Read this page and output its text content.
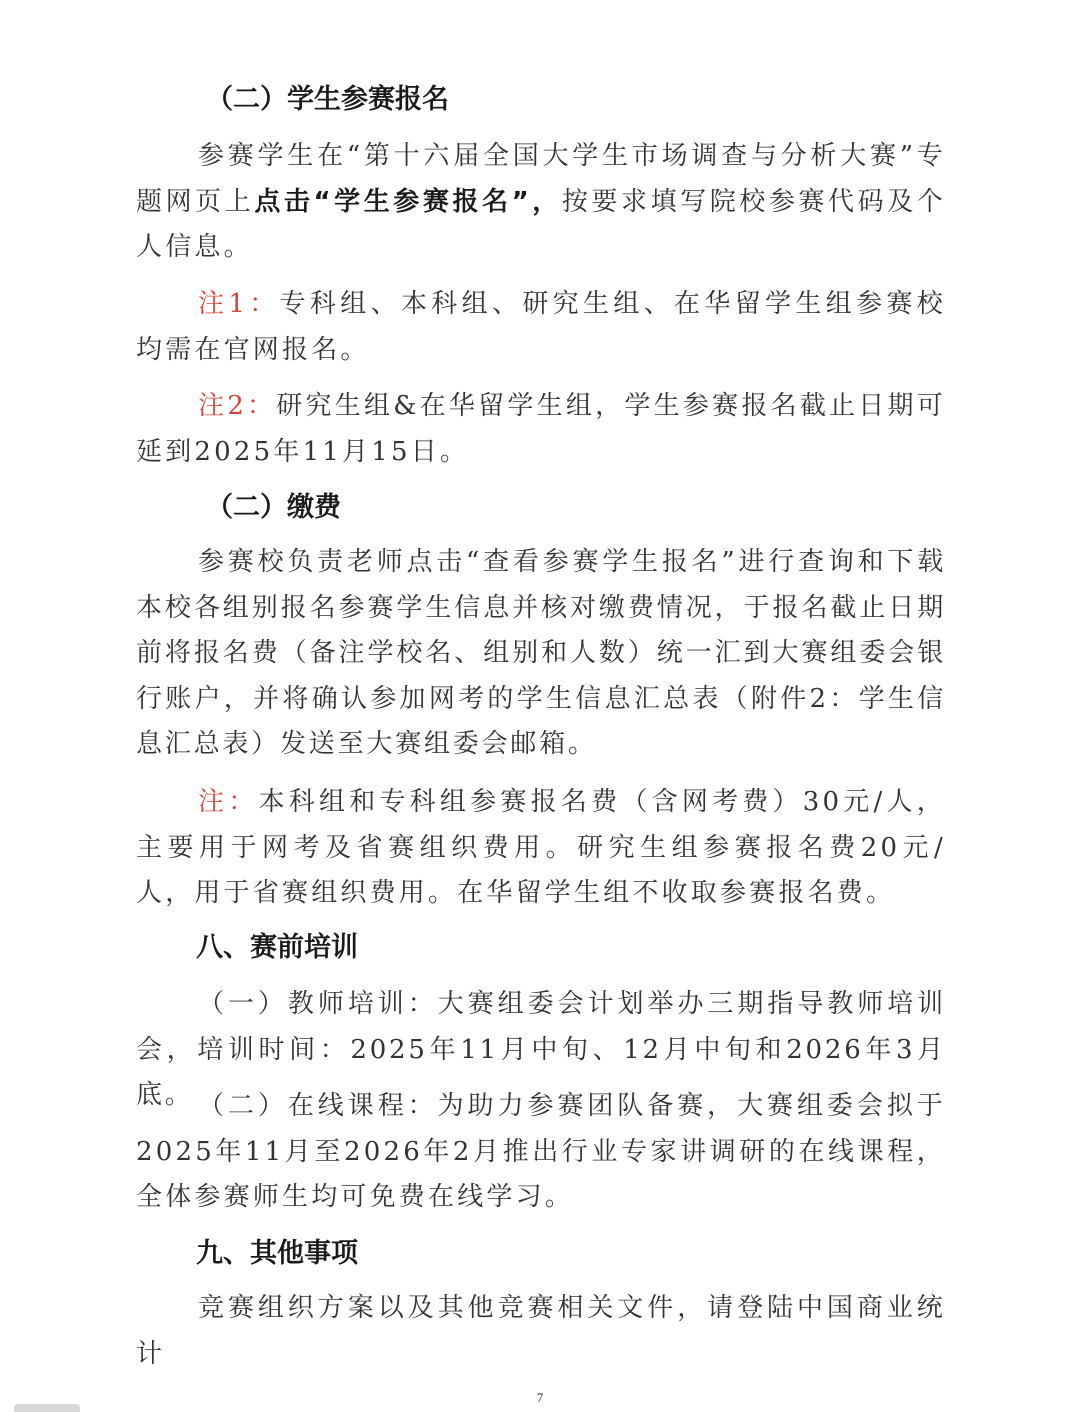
（二）学生参赛报名

参赛学生在“第十六届全国大学生市场调查与分析大赛”专题网页上点击“学生参赛报名”，按要求填写院校参赛代码及个人信息。

注1：专科组、本科组、研究生组、在华留学生组参赛校均需在官网报名。

注2：研究生组&在华留学生组，学生参赛报名截止日期可延到2025年11月15日。

（二）缴费

参赛校负责老师点击“查看参赛学生报名”进行查询和下载本校各组别报名参赛学生信息并核对缴费情况，于报名截止日期前将报名费（备注学校名、组别和人数）统一汇到大赛组委会银行账户，并将确认参加网考的学生信息汇总表（附件2：学生信息汇总表）发送至大赛组委会邮箱。

注：本科组和专科组参赛报名费（含网考费）30元/人，主要用于网考及省赛组织费用。研究生组参赛报名费20元/人，用于省赛组织费用。在华留学生组不收取参赛报名费。

八、赛前培训

（一）教师培训：大赛组委会计划举办三期指导教师培训会，培训时间：2025年11月中旬、12月中旬和2026年3月底。 （二）在线课程：为助力参赛团队备赛，大赛组委会拟于2025年11月至2026年2月推出行业专家讲调研的在线课程，全体参赛师生均可免费在线学习。

九、其他事项

竞赛组织方案以及其他竞赛相关文件，请登陆中国商业统计

7
